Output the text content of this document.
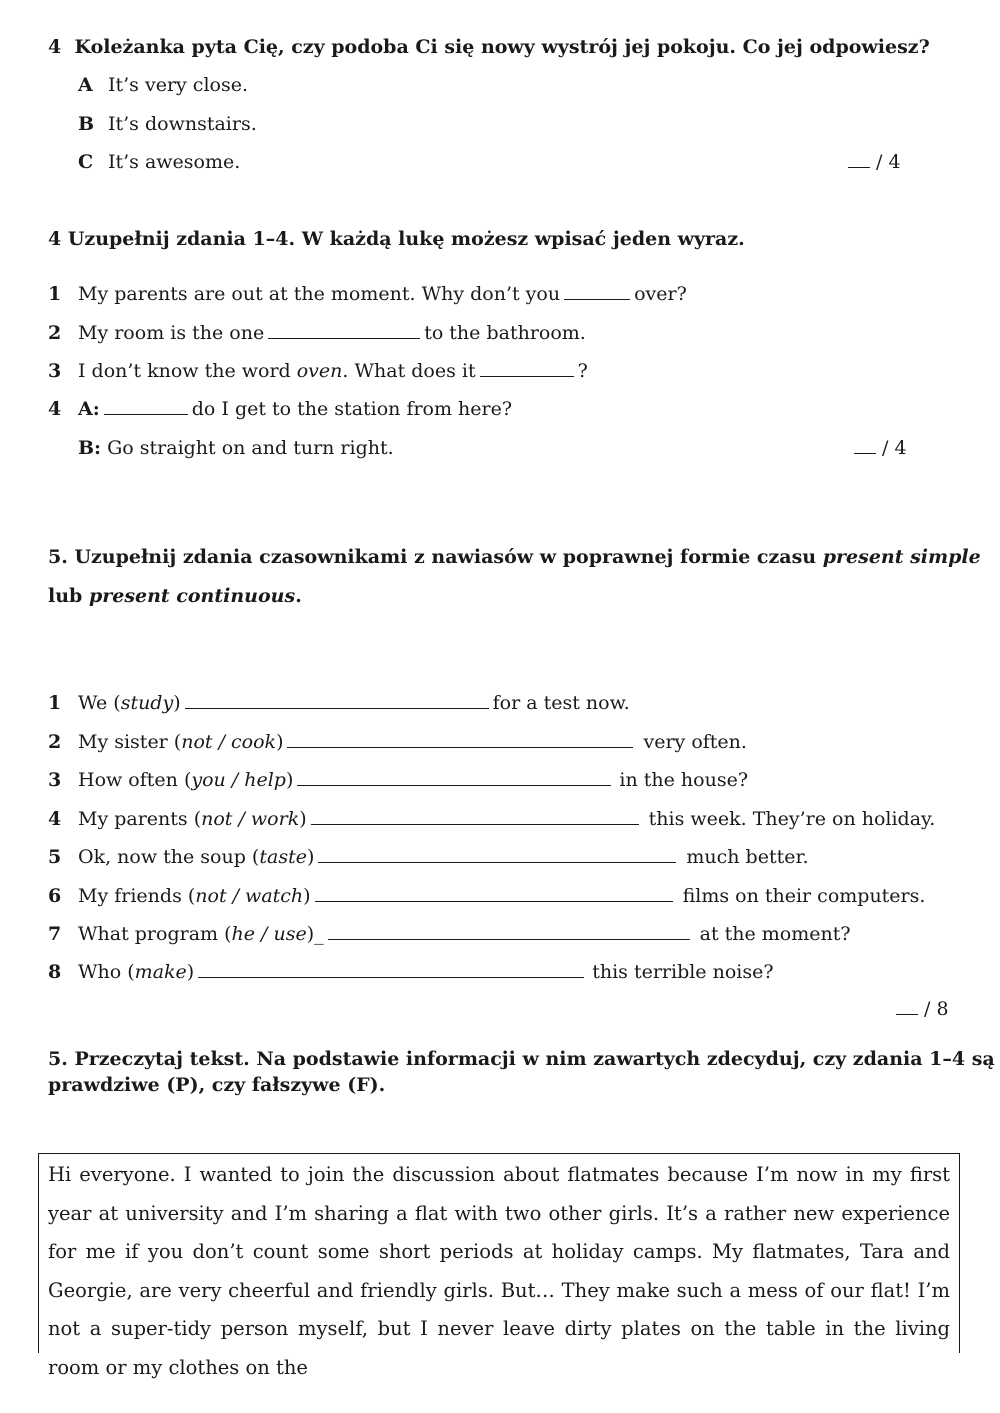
4 Koleżanka pyta Cię, czy podoba Ci się nowy wystrój jej pokoju. Co jej odpowiesz?
A It’s very close.
B It’s downstairs.
C It’s awesome.	/ 4
4 Uzupełnij zdania 1–4. W każdą lukę możesz wpisać jeden wyraz.
1 My parents are out at the moment. Why don’t you	over?
2 My room is the one	to the bathroom.
3 I don’t know the word oven. What does it	?
4 A:	do I get to the station from here?
B: Go straight on and turn right.	/ 4
5. Uzupełnij zdania czasownikami z nawiasów w poprawnej formie czasu present simple
lub present continuous.
1 We (study)	for a test now.
2 My sister (not / cook)	very often.
3 How often (you / help)	in the house?
4 My parents (not / work)	this week. They’re on holiday.
5 Ok, now the soup (taste)	much better.
6 My friends (not / watch)	films on their computers.
7 What program (he / use)_	at the moment?
8 Who (make)	this terrible noise?
/ 8
5. Przeczytaj tekst. Na podstawie informacji w nim zawartych zdecyduj, czy zdania 1–4 są
prawdziwe (P), czy fałszywe (F).

Hi everyone. I wanted to join the discussion about flatmates because I’m now in my first year at university and I’m sharing a flat with two other girls. It’s a rather new experience for me if you don’t count some short periods at holiday camps. My flatmates, Tara and Georgie, are very cheerful and friendly girls. But… They make such a mess of our flat! I’m not a super-tidy person myself, but I never leave dirty plates on the table in the living room or my clothes on the
